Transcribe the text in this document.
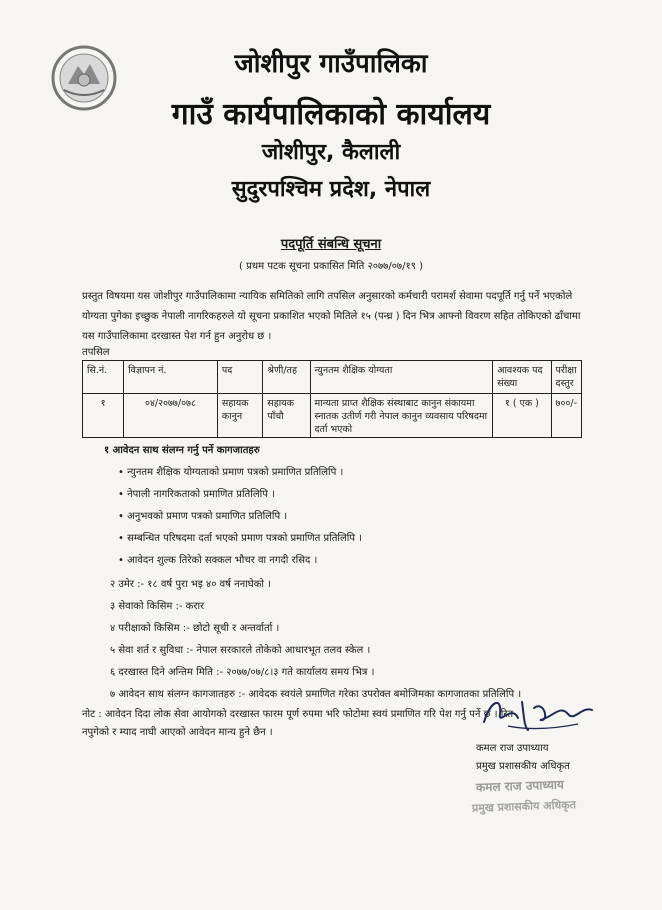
जोशीपुर गाउँपालिका
गाउँ कार्यपालिकाको कार्यालय
जोशीपुर, कैलाली
सुदुरपश्चिम प्रदेश, नेपाल
पदपूर्ति संबन्धि सूचना
( प्रथम पटक सूचना प्रकासित मिति २०७७/०७/१९ )
प्रस्तुत विषयमा यस जोशीपुर गाउँपालिकामा न्यायिक समितिको लागि तपसिल अनुसारको कर्मचारी परामर्श सेवामा पदपूर्ति गर्नु पर्ने भएकोले योग्यता पुगेका इच्छुक नेपाली नागरिकहरुले यो सूचना प्रकाशित भएको मितिले १५ (पन्ध्र ) दिन भित्र आफ्नो विवरण सहित तोकिएको ढाँचामा यस गाउँपालिकामा दरखास्त पेश गर्न हुन अनुरोध छ ।
तपसिल
सि.नं.	विज्ञापन नं.	पद	श्रेणी/तह	न्युनतम शैक्षिक योग्यता	आवश्यक पद संख्या	परीक्षा दस्तुर
१	०४/२०७७/०७८	सहायक कानुन	सहायक पाँचौ	मान्यता प्राप्त शैक्षिक संस्थाबाट कानुन संकायमा स्नातक उतीर्ण गरी नेपाल कानुन व्यवसाय परिषदमा दर्ता भएको	१ ( एक )	७००/-
१ आवेदन साथ संलग्न गर्नु पर्ने कागजातहरु
• न्युनतम शैक्षिक योग्यताको प्रमाण पत्रको प्रमाणित प्रतिलिपि ।
• नेपाली नागरिकताको प्रमाणित प्रतिलिपि ।
• अनुभवको प्रमाण पत्रको प्रमाणित प्रतिलिपि ।
• सम्बन्धित परिषदमा दर्ता भएको प्रमाण पत्रको प्रमाणित प्रतिलिपि ।
• आवेदन शुल्क तिरेको सक्कल भौचर वा नगदी रसिद ।
२ उमेर :- १८ वर्ष पुरा भइ ४० वर्ष ननाघेको ।
३ सेवाको किसिम :- करार
४ परीक्षाको किसिम :- छोटो सूची र अन्तर्वार्ता ।
५ सेवा शर्त र सुविधा :- नेपाल सरकारले तोकेको आधारभूत तलव स्केल ।
६ दरखास्त दिने अन्तिम मिति :- २०७७/०७/८।३ गते कार्यालय समय भित्र ।
७ आवेदन साथ संलग्न कागजातहरु :- आवेदक स्वयंले प्रमाणित गरेका उपरोक्त बमोजिमका कागजातका प्रतिलिपि ।
नोट : आवेदन दिदा लोक सेवा आयोगको दरखास्त फारम पूर्ण रुपमा भरि फोटोमा स्वयं प्रमाणित गरि पेश गर्नु पर्ने छ । रित
नपुगेको र म्याद नाघी आएको आवेदन मान्य हुने छैन ।
कमल राज उपाध्याय
प्रमुख प्रशासकीय अधिकृत
कमल राज उपाध्याय
प्रमुख प्रशासकीय अधिकृत
